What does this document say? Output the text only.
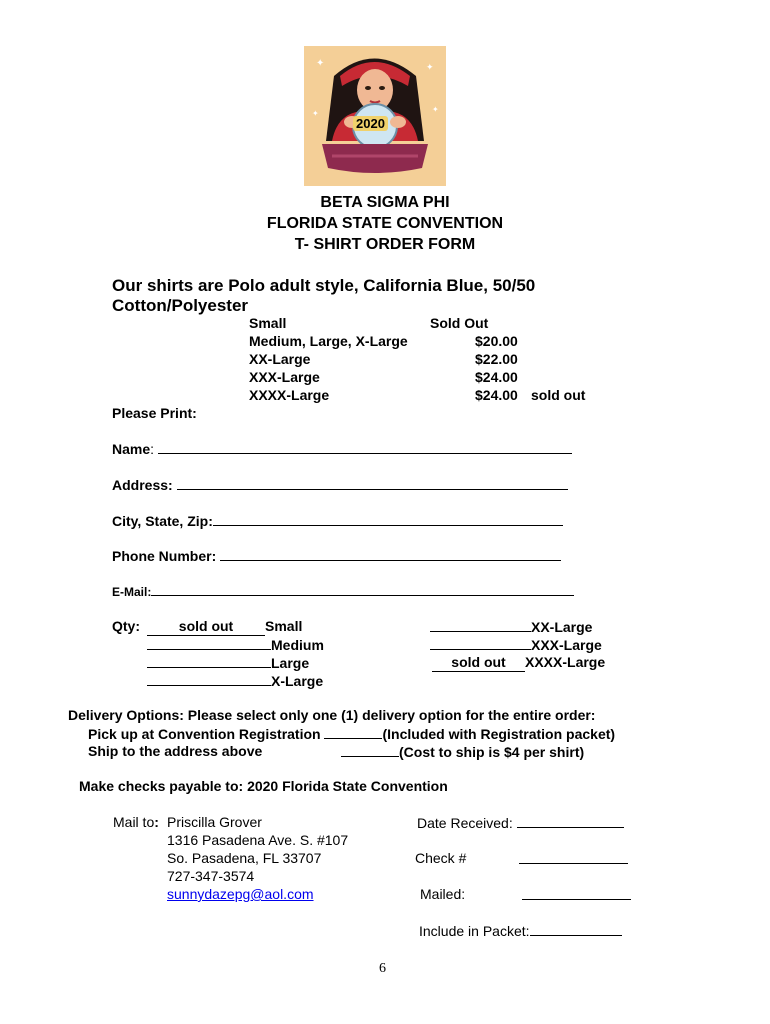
✦	✦
✦	✦
2020
BETA SIGMA PHI
FLORIDA STATE CONVENTION
T- SHIRT ORDER FORM
Our shirts are Polo adult style, California Blue, 50/50
Cotton/Polyester
Small	Sold Out
Medium, Large, X-Large	$20.00
XX-Large	$22.00
XXX-Large	$24.00
XXXX-Large	$24.00 sold out
Please Print:
Name:
Address:
City, State, Zip:
Phone Number:
E-Mail:
Qty:	sold out Small
Medium
Large
X-Large
XX-Large
XXX-Large
sold out XXXX-Large
Delivery Options: Please select only one (1) delivery option for the entire order:
Pick up at Convention Registration	(Included with Registration packet)
Ship to the address above	(Cost to ship is $4 per shirt)
Make checks payable to: 2020 Florida State Convention
Mail to: Priscilla Grover
1316 Pasadena Ave. S. #107
So. Pasadena, FL 33707
727-347-3574
sunnydazepg@aol.com
Date Received:
Check #
Mailed:
Include in Packet:
6
